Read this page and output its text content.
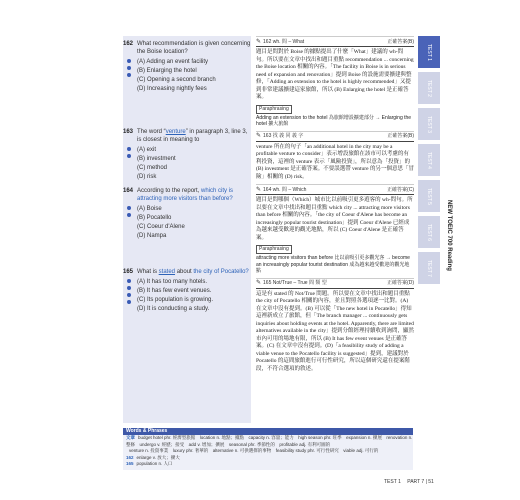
162 What recommendation is given concerning the Boise location?
(A) Adding an event facility
(B) Enlarging the hotel
(C) Opening a second branch
(D) Increasing nightly fees
163 The word “venture” in paragraph 3, line 3, is closest in meaning to
(A) exit
(B) investment
(C) method
(D) risk
164 According to the report, which city is attracting more visitors than before?
(A) Boise
(B) Pocatello
(C) Coeur d'Alene
(D) Nampa
165 What is stated about the city of Pocatello?
(A) It has too many hotels.
(B) It has few event venues.
(C) Its population is growing.
(D) It is conducting a study.
✎ 162 wh. 問 – What	正確答案(B)
題目是問對於 Boise 的據點提出了什麼「What」建議的 wh-問句。所以要在文章中找出和題目重點 recommendation ... concerning the Boise location 相關的內容。「The facility in Boise is in serious need of expansion and renovation」提到 Boise 的設施需要擴建與整修，「Adding an extension to the hotel is highly recommended」又提到非常建議擴建這家旅館，所以 (B) Enlarging the hotel 是正確答案。
Paraphrasing
Adding an extension to the hotel 為旅館增設擴建部分 → Enlarging the hotel 擴大旅館
✎ 163 找 義 同 義 字	正確答案(B)
venture 所在的句子「an additional hotel in the city may be a profitable venture to consider」表示增設旅館在該市可以考慮的有利投資，這裡的 venture 表示「風險投資」，所以意為「投資」的 (B) investment 是正確答案。不要誤選帶 venture 的另一個意思「冒險」相關的 (D) risk。
✎ 164 wh. 問 – Which	正確答案(C)
題目是問哪個（Which）城市比以前吸引更多遊客的 wh-問句。所以要在文章中找出和題目重點 which city ... attracting more visitors than before 相關的內容。「the city of Coeur d'Alene has become an increasingly popular tourist destination」提到 Coeur d'Alene 已經成為越來越受歡迎的觀光地點，所以 (C) Coeur d'Alene 是正確答案。
Paraphrasing
attracting more visitors than before 比以前吸引更多觀光客 → become an increasingly popular tourist destination 成為越來越受歡迎的觀光地點
✎ 165 Not/True – True 問 類 型	正確答案(D)
這是有 stated 的 Not/True 問題。所以要在文章中找出和題目重點 the city of Pocatello 相關的內容，並且對照各選項逐一比對。(A) 在文章中沒有提到。(B) 可以從「The new hotel in Pocatello」得知這裡新成立了旅館，但「The branch manager ... continuously gets inquiries about holding events at the hotel. Apparently, there are limited alternatives available in the city」提到分館經理持續收到詢問，顯然市內可用的場地有限，所以 (B) It has few event venues 是正確答案。(C) 在文章中沒有提到。(D)「a feasibility study of adding a viable venue to the Pocatello facility is suggested」提到，建議對於 Pocatello 的這間旅館進行可行性研究，所以這個研究還在提案階段，不符合選項的敘述。
TEST 1
TEST 2
TEST 3
TEST 4
TEST 5
TEST 6
TEST 7 NEW TOEIC 700 Reading
Words & Phrases
文章 budget hotel phr. 經濟型旅館　location n. 地點；據點　capacity n. 容量；能力　high season phr. 旺季　expansion n. 擴展　renovation n. 整修　undergo v. 經歷；接受　add v. 增加；擴展　seasonal phr. 季節性的　profitable adj. 有利可圖的
venture n. 投資事業　luxury phr. 奢華的　alternative n. 可供選擇的事物　feasibility study phr. 可行性研究　viable adj. 可行的
162 enlarge v. 放大；擴大
165 population n. 人口
TEST 1 　PART 7 | 51
